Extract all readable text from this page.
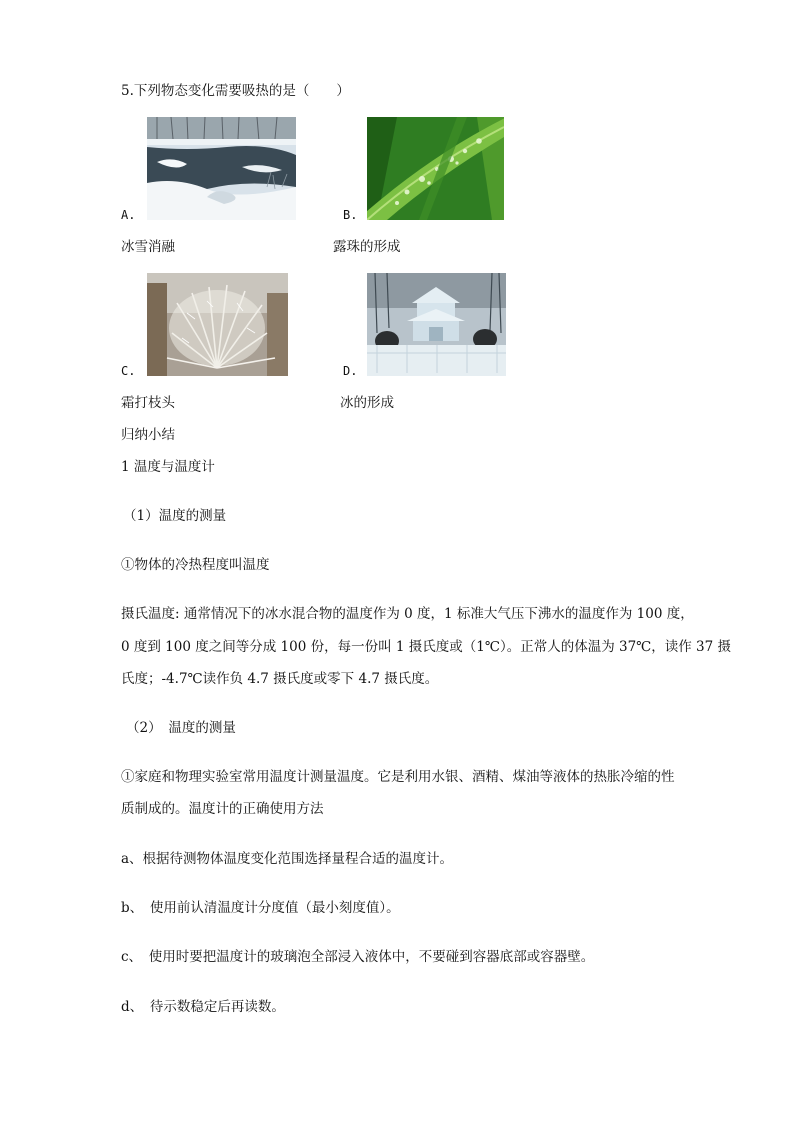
5.下列物态变化需要吸热的是（　　）
A.	B.
冰雪消融	露珠的形成
C.	D.
霜打枝头	冰的形成
归纳小结
1 温度与温度计
（1）温度的测量
①物体的冷热程度叫温度
摄氏温度: 通常情况下的冰水混合物的温度作为 0 度，1 标准大气压下沸水的温度作为 100 度，
0 度到 100 度之间等分成 100 份，每一份叫 1 摄氏度或（1℃）。正常人的体温为 37℃，读作 37 摄
氏度；-4.7℃读作负 4.7 摄氏度或零下 4.7 摄氏度。
（2）　温度的测量
①家庭和物理实验室常用温度计测量温度。它是利用水银、酒精、煤油等液体的热胀冷缩的性
质制成的。温度计的正确使用方法
a、根据待测物体温度变化范围选择量程合适的温度计。
b、　使用前认清温度计分度值（最小刻度值）。
c、　使用时要把温度计的玻璃泡全部浸入液体中，不要碰到容器底部或容器壁。
d、　待示数稳定后再读数。
